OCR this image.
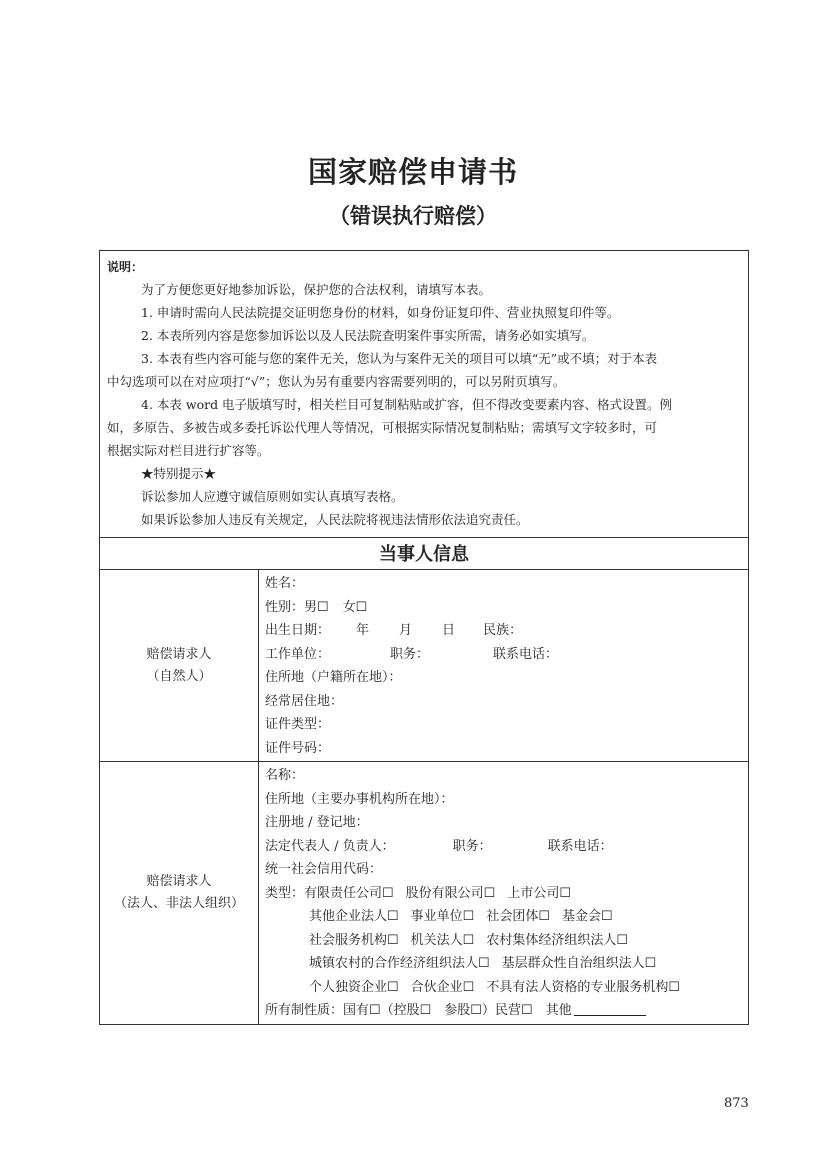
国家赔偿申请书
（错误执行赔偿）
说明：
为了方便您更好地参加诉讼，保护您的合法权利，请填写本表。
1. 申请时需向人民法院提交证明您身份的材料，如身份证复印件、营业执照复印件等。
2. 本表所列内容是您参加诉讼以及人民法院查明案件事实所需，请务必如实填写。
3. 本表有些内容可能与您的案件无关，您认为与案件无关的项目可以填“无”或不填；对于本表
中勾选项可以在对应项打“√”；您认为另有重要内容需要列明的，可以另附页填写。
4. 本表 word 电子版填写时，相关栏目可复制粘贴或扩容，但不得改变要素内容、格式设置。例
如，多原告、多被告或多委托诉讼代理人等情况，可根据实际情况复制粘贴；需填写文字较多时，可
根据实际对栏目进行扩容等。
★特别提示★
诉讼参加人应遵守诚信原则如实认真填写表格。
如果诉讼参加人违反有关规定，人民法院将视违法情形依法追究责任。
当事人信息
赔偿请求人
（自然人）
姓名：
性别：男☐ 女☐
出生日期： 年 月 日 民族：
工作单位：	职务：	联系电话：
住所地（户籍所在地）：
经常居住地：
证件类型：
证件号码：
赔偿请求人
（法人、非法人组织）
名称：
住所地（主要办事机构所在地）：
注册地 / 登记地：
法定代表人 / 负责人：	职务：	联系电话：
统一社会信用代码：
类型：有限责任公司☐ 股份有限公司☐ 上市公司☐
其他企业法人☐ 事业单位☐ 社会团体☐ 基金会☐
社会服务机构☐ 机关法人☐ 农村集体经济组织法人☐
城镇农村的合作经济组织法人☐ 基层群众性自治组织法人☐
个人独资企业☐ 合伙企业☐ 不具有法人资格的专业服务机构☐
所有制性质：国有☐（控股☐　参股☐）民营☐　其他
873
